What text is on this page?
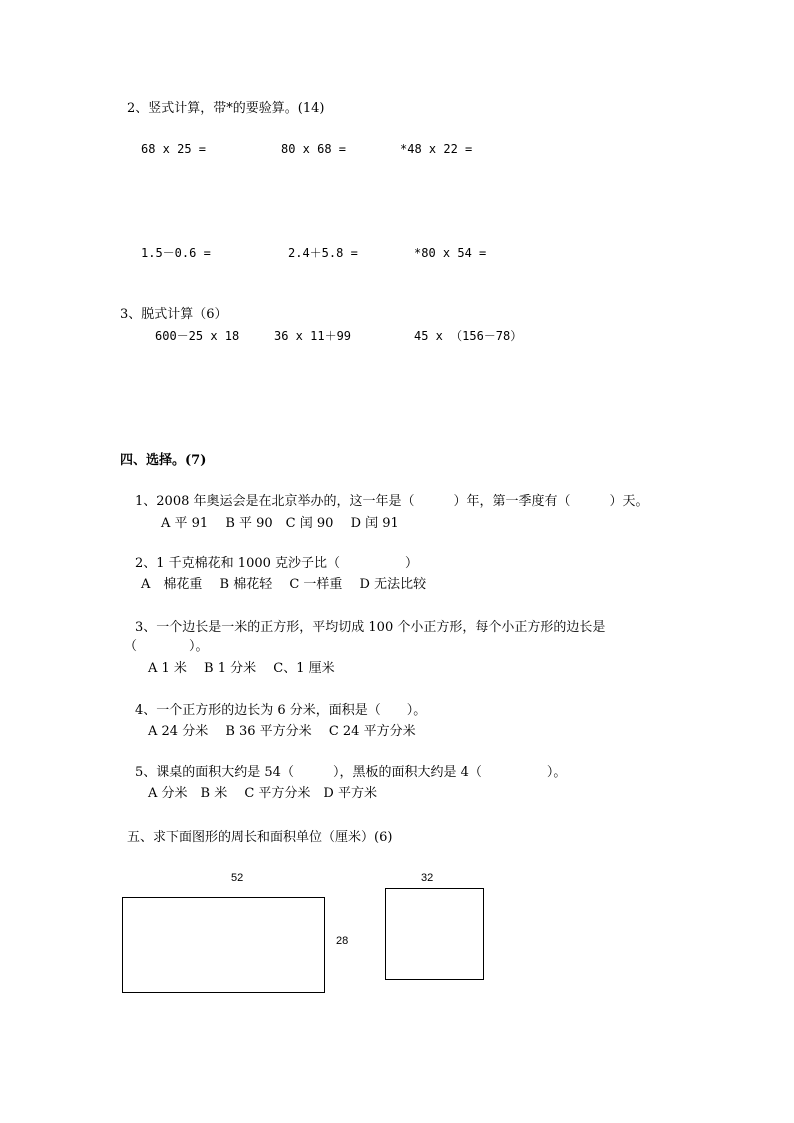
2、竖式计算，带*的要验算。(14)
68 x 25 =	80 x 68 =	*48 x 22 =
1.5－0.6 =	2.4＋5.8 =	*80 x 54 =
3、脱式计算（6）
600－25 x 18	36 x 11＋99	45 x （156－78）
四、选择。(7)
1、2008 年奥运会是在北京举办的，这一年是（　　　）年，第一季度有（　　　）天。
A 平 91　 B 平 90　C 闰 90　 D 闰 91
2、1 千克棉花和 1000 克沙子比（　　　　　）
A　棉花重　 B 棉花轻　 C 一样重　 D 无法比较
3、一个边长是一米的正方形，平均切成 100 个小正方形，每个小正方形的边长是
（　　　　）。
A 1 米　 B 1 分米　 C、1 厘米
4、一个正方形的边长为 6 分米，面积是（　　）。
A 24 分米　 B 36 平方分米　 C 24 平方分米
5、课桌的面积大约是 54（　　　），黑板的面积大约是 4（　　　　　）。
A 分米　B 米　 C 平方分米　D 平方米
五、求下面图形的周长和面积单位（厘米）(6)
52
28
32
